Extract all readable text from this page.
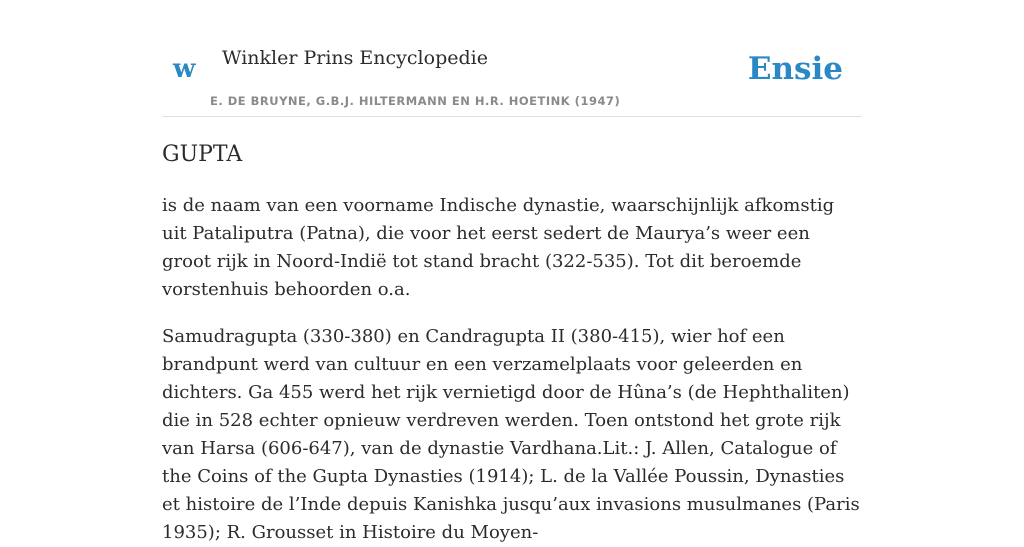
w Winkler Prins Encyclopedie
E. DE BRUYNE, G.B.J. HILTERMANN EN H.R. HOETINK (1947)
Ensie
GUPTA

is de naam van een voorname Indische dynastie, waarschijnlijk afkomstig uit Pataliputra (Patna), die voor het eerst sedert de Maurya’s weer een groot rijk in Noord-Indië tot stand bracht (322-535). Tot dit beroemde vorstenhuis behoorden o.a.

Samudragupta (330-380) en Candragupta II (380-415), wier hof een brandpunt werd van cultuur en een verzamelplaats voor geleerden en dichters. Ga 455 werd het rijk vernietigd door de Hûna’s (de Hephthaliten) die in 528 echter opnieuw verdreven werden. Toen ontstond het grote rijk van Harsa (606-647), van de dynastie Vardhana.Lit.: J. Allen, Catalogue of the Coins of the Gupta Dynasties (1914); L. de la Vallée Poussin, Dynasties et histoire de l’Inde depuis Kanishka jusqu’aux invasions musulmanes (Paris 1935); R. Grousset in Histoire du Moyen-
